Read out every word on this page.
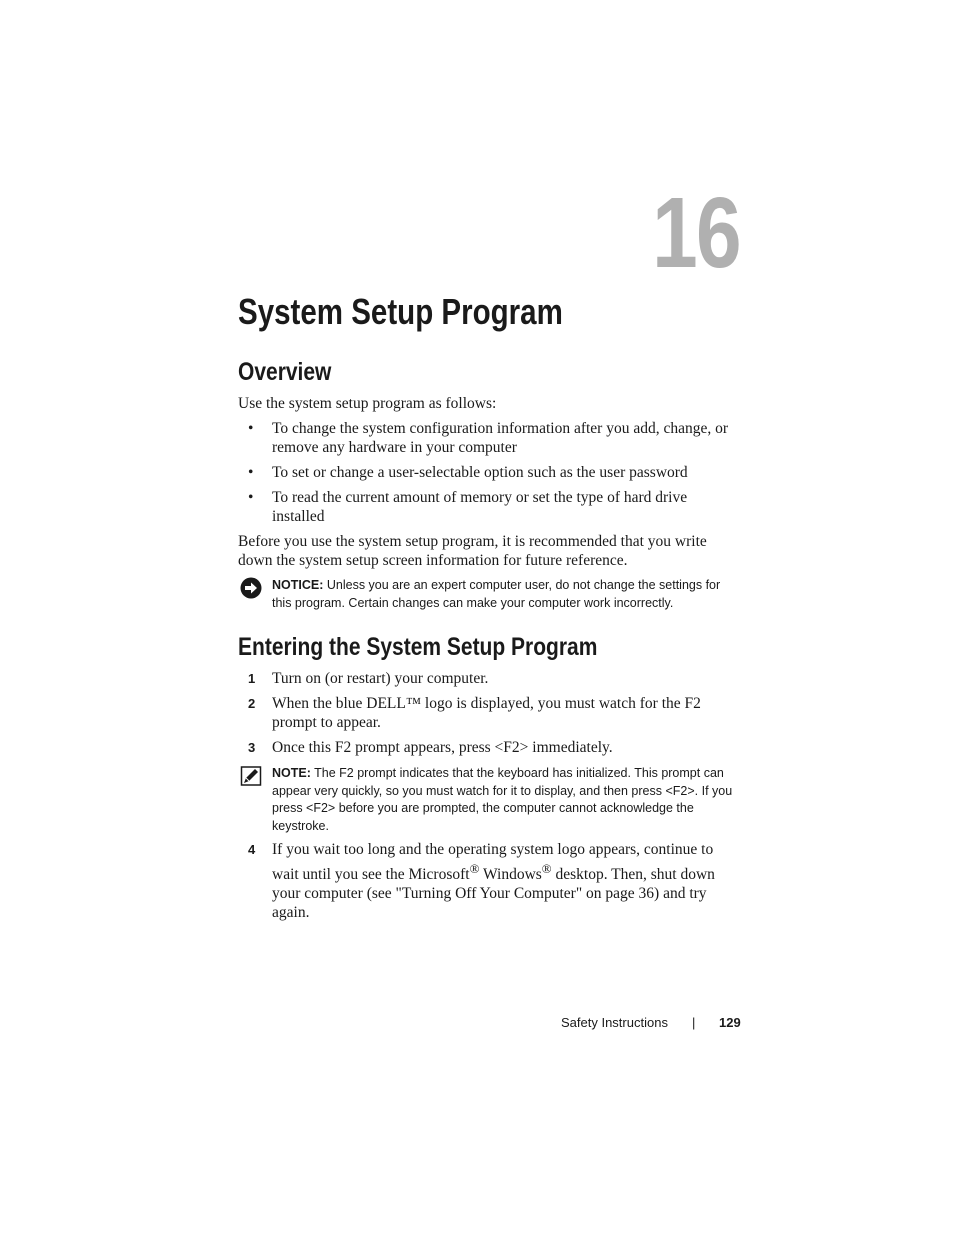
16
System Setup Program
Overview

Use the system setup program as follows:

• To change the system configuration information after you add, change, or remove any hardware in your computer
• To set or change a user-selectable option such as the user password
• To read the current amount of memory or set the type of hard drive installed

Before you use the system setup program, it is recommended that you write down the system setup screen information for future reference.

NOTICE: Unless you are an expert computer user, do not change the settings for this program. Certain changes can make your computer work incorrectly.
Entering the System Setup Program
1 Turn on (or restart) your computer.
2 When the blue DELL™ logo is displayed, you must watch for the F2 prompt to appear.
3 Once this F2 prompt appears, press <F2> immediately.
NOTE: The F2 prompt indicates that the keyboard has initialized. This prompt can appear very quickly, so you must watch for it to display, and then press <F2>. If you press <F2> before you are prompted, the computer cannot acknowledge the keystroke.
4 If you wait too long and the operating system logo appears, continue to wait until you see the Microsoft® Windows® desktop. Then, shut down your computer (see "Turning Off Your Computer" on page 36) and try again.
Safety Instructions | 129
